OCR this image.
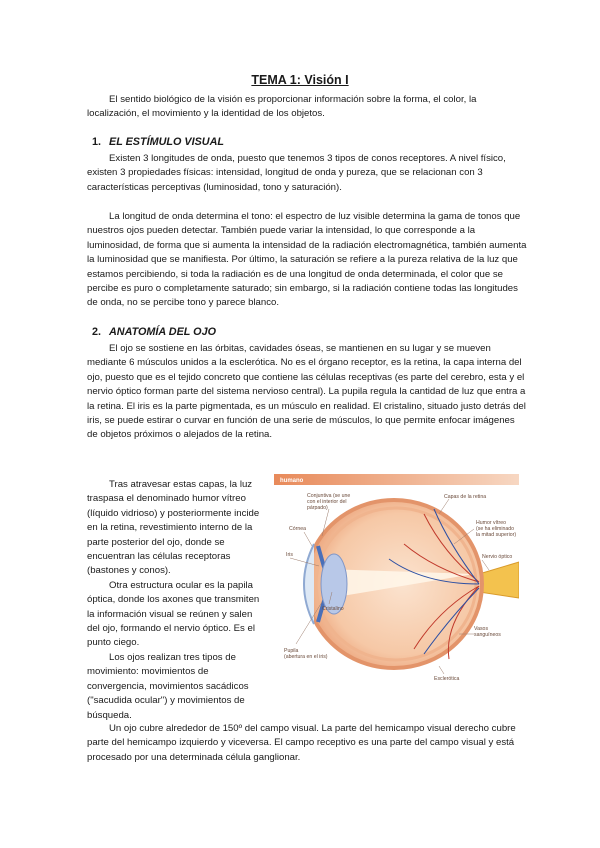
TEMA 1: Visión I

El sentido biológico de la visión es proporcionar información sobre la forma, el color, la localización, el movimiento y la identidad de los objetos.

1. EL ESTÍMULO VISUAL

Existen 3 longitudes de onda, puesto que tenemos 3 tipos de conos receptores. A nivel físico, existen 3 propiedades físicas: intensidad, longitud de onda y pureza, que se relacionan con 3 características perceptivas (luminosidad, tono y saturación).

La longitud de onda determina el tono: el espectro de luz visible determina la gama de tonos que nuestros ojos pueden detectar. También puede variar la intensidad, lo que corresponde a la luminosidad, de forma que si aumenta la intensidad de la radiación electromagnética, también aumenta la luminosidad que se manifiesta. Por último, la saturación se refiere a la pureza relativa de la luz que estamos percibiendo, si toda la radiación es de una longitud de onda determinada, el color que se percibe es puro o completamente saturado; sin embargo, si la radiación contiene todas las longitudes de onda, no se percibe tono y parece blanco.

2. ANATOMÍA DEL OJO

El ojo se sostiene en las órbitas, cavidades óseas, se mantienen en su lugar y se mueven mediante 6 músculos unidos a la esclerótica. No es el órgano receptor, es la retina, la capa interna del ojo, puesto que es el tejido concreto que contiene las células receptivas (es parte del cerebro, esta y el nervio óptico forman parte del sistema nervioso central). La pupila regula la cantidad de luz que entra a la retina. El iris es la parte pigmentada, es un músculo en realidad. El cristalino, situado justo detrás del iris, se puede estirar o curvar en función de una serie de músculos, lo que permite enfocar imágenes de objetos próximos o alejados de la retina.

Tras atravesar estas capas, la luz traspasa el denominado humor vítreo (líquido vidrioso) y posteriormente incide en la retina, revestimiento interno de la parte posterior del ojo, donde se encuentran las células receptoras (bastones y conos).

Otra estructura ocular es la papila óptica, donde los axones que transmiten la información visual se reúnen y salen del ojo, formando el nervio óptico. Es el punto ciego.

Los ojos realizan tres tipos de movimiento: movimientos de convergencia, movimientos sacádicos ("sacudida ocular") y movimientos de búsqueda.

humano
Conjuntiva (se une
con el interior del
párpado)
Capas de la retina
Córnea
Humor vítreo
(se ha eliminado
la mitad superior)
Iris	Nervio óptico
Cristalino
Vasos
sanguíneos
Pupila
(abertura en el iris)
Esclerótica

Un ojo cubre alrededor de 150º del campo visual. La parte del hemicampo visual derecho cubre parte del hemicampo izquierdo y viceversa. El campo receptivo es una parte del campo visual y está procesado por una determinada célula ganglionar.
